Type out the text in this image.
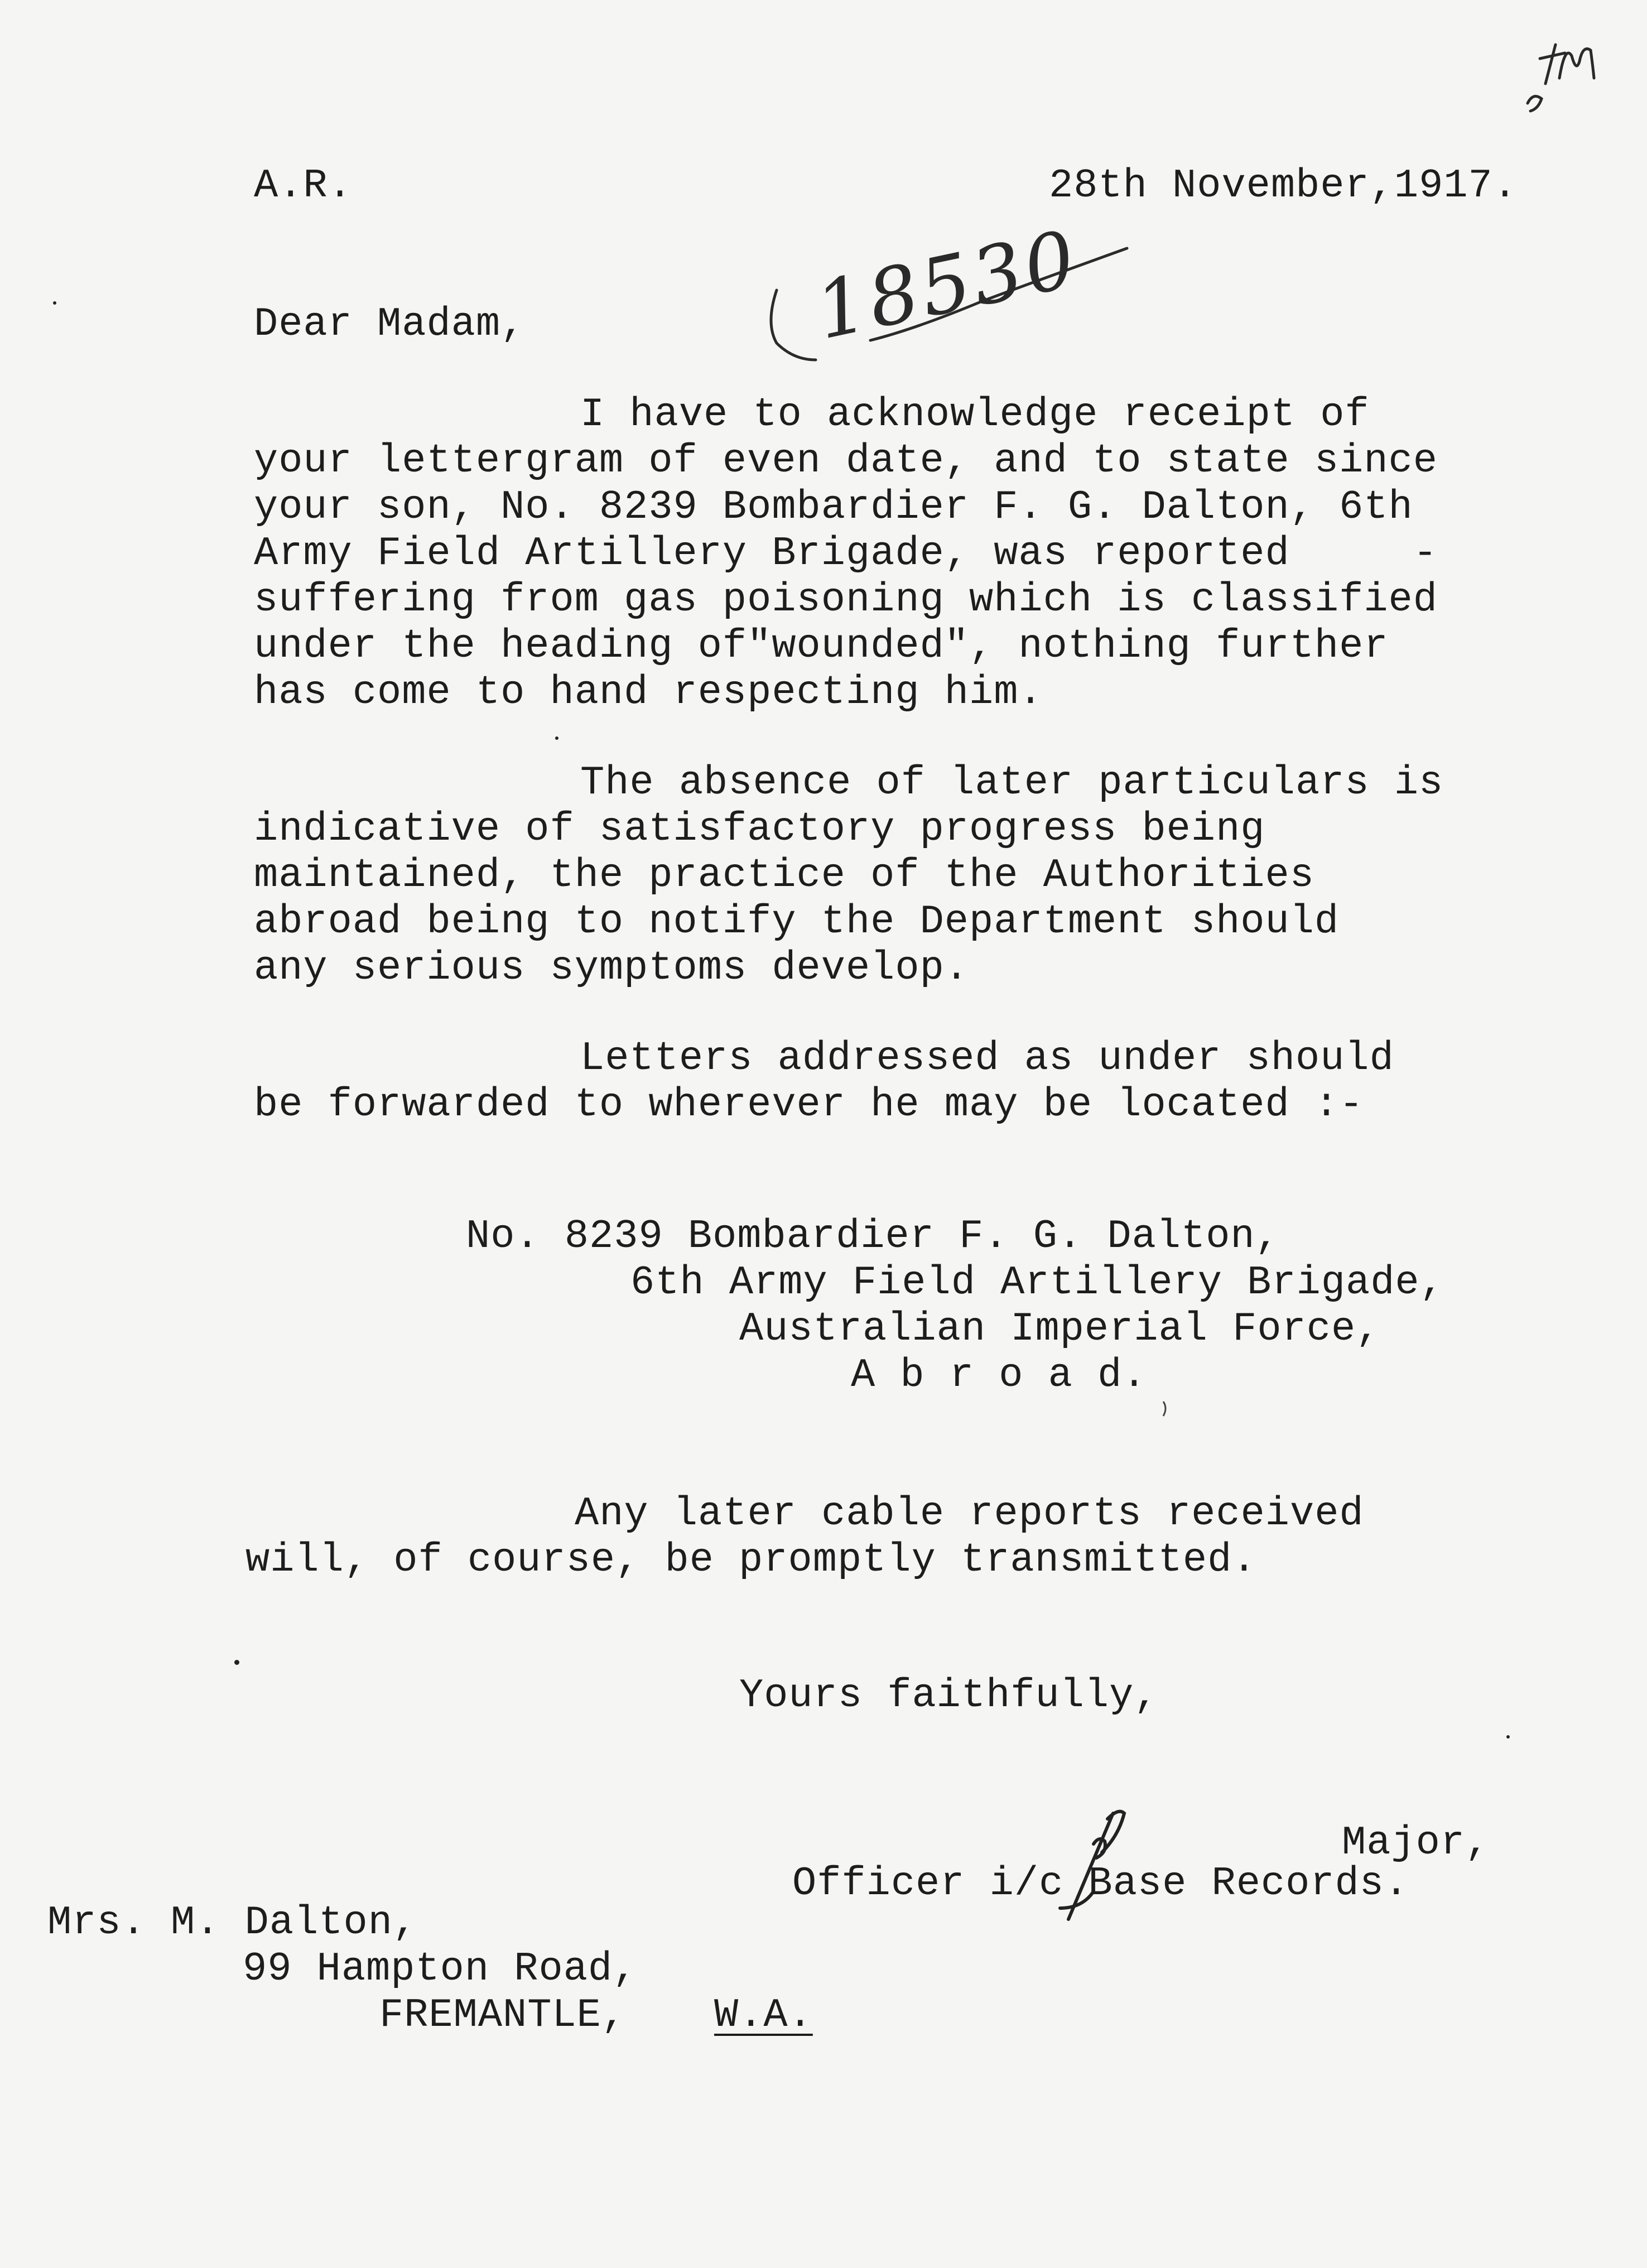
A.R.	28th November,1917.
18530
Dear Madam,
I have to acknowledge receipt of
your lettergram of even date, and to state since
your son, No. 8239 Bombardier F. G. Dalton, 6th
Army Field Artillery Brigade, was reported     -
suffering from gas poisoning which is classified
under the heading of"wounded", nothing further
has come to hand respecting him.
The absence of later particulars is
indicative of satisfactory progress being
maintained, the practice of the Authorities
abroad being to notify the Department should
any serious symptoms develop.
Letters addressed as under should
be forwarded to wherever he may be located :-
No. 8239 Bombardier F. G. Dalton,
6th Army Field Artillery Brigade,
Australian Imperial Force,
A b r o a d.
Any later cable reports received
will, of course, be promptly transmitted.
Yours faithfully,
Major,
Officer i/c Base Records.
Mrs. M. Dalton,
99 Hampton Road,
FREMANTLE, W.A.
